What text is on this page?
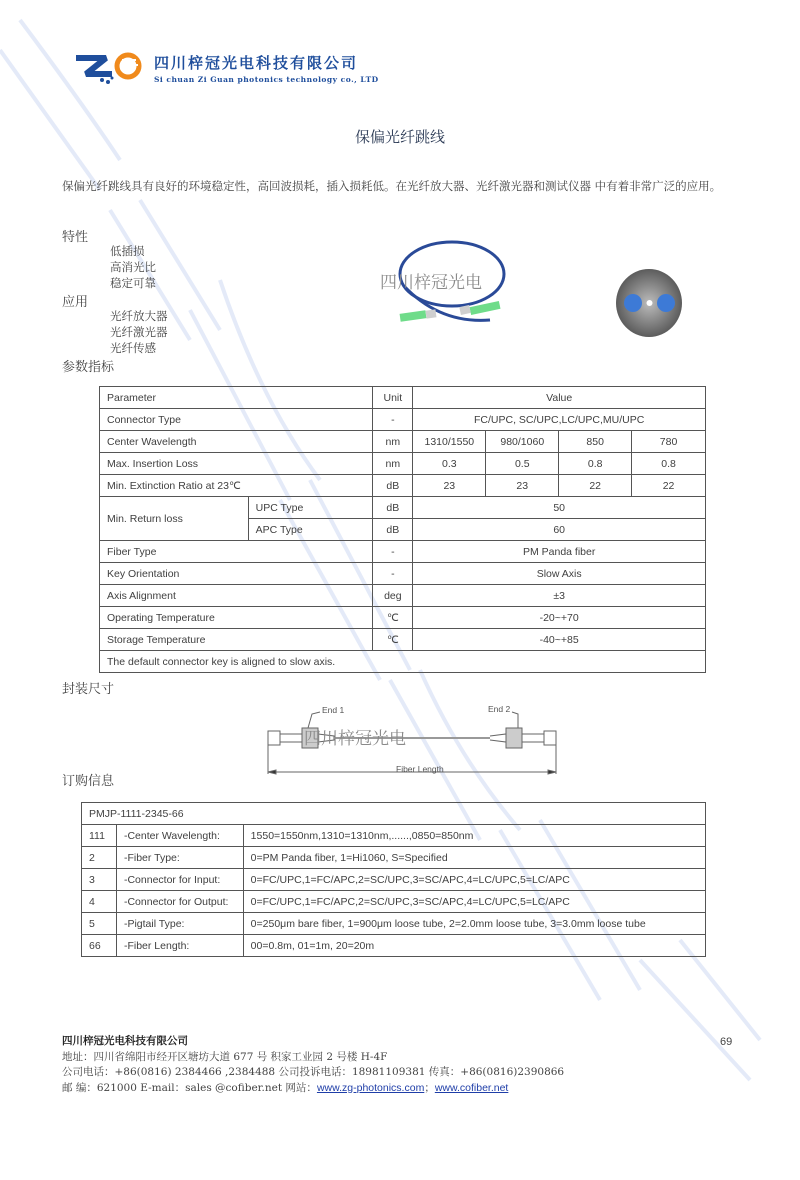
四川梓冠光电科技有限公司
Si chuan Zi Guan photonics technology co., LTD
保偏光纤跳线
保偏光纤跳线具有良好的环境稳定性，高回波损耗，插入损耗低。在光纤放大器、光纤激光器和测试仪器 中有着非常广泛的应用。
特性
低插损
高消光比
稳定可靠
应用
光纤放大器
光纤激光器
光纤传感
参数指标
四川梓冠光电
Parameter		Unit	Value			
Connector Type		-	FC/UPC, SC/UPC,LC/UPC,MU/UPC			
Center Wavelength		nm	1310/1550	980/1060	850	780
Max. Insertion Loss		nm	0.3	0.5	0.8	0.8
Min. Extinction Ratio at 23℃		dB	23	23	22	22
Min. Return loss	UPC Type	dB	50			
	APC Type	dB	60			
Fiber Type		-	PM Panda fiber			
Key Orientation		-	Slow Axis			
Axis Alignment		deg	±3			
Operating Temperature		℃	-20~+70			
Storage Temperature		℃	-40~+85			
The default connector key is aligned to slow axis.						
封装尺寸
End 1	End 2
Fiber Length
四川梓冠光电
订购信息
PMJP-1111-2345-66		
111	-Center Wavelength:	1550=1550nm,1310=1310nm,......,0850=850nm
2	-Fiber Type:	0=PM Panda fiber, 1=Hi1060, S=Specified
3	-Connector for Input:	0=FC/UPC,1=FC/APC,2=SC/UPC,3=SC/APC,4=LC/UPC,5=LC/APC
4	-Connector for Output:	0=FC/UPC,1=FC/APC,2=SC/UPC,3=SC/APC,4=LC/UPC,5=LC/APC
5	-Pigtail Type:	0=250μm bare fiber, 1=900μm loose tube, 2=2.0mm loose tube, 3=3.0mm loose tube
66	-Fiber Length:	00=0.8m, 01=1m, 20=20m
四川梓冠光电科技有限公司
地址：四川省绵阳市经开区塘坊大道 677 号 积家工业园 2 号楼 H-4F
公司电话：+86(0816) 2384466 ,2384488 公司投诉电话：18981109381 传真：+86(0816)2390866
邮 编：621000 E-mail：sales @cofiber.net 网站：www.zg-photonics.com；www.cofiber.net
69
